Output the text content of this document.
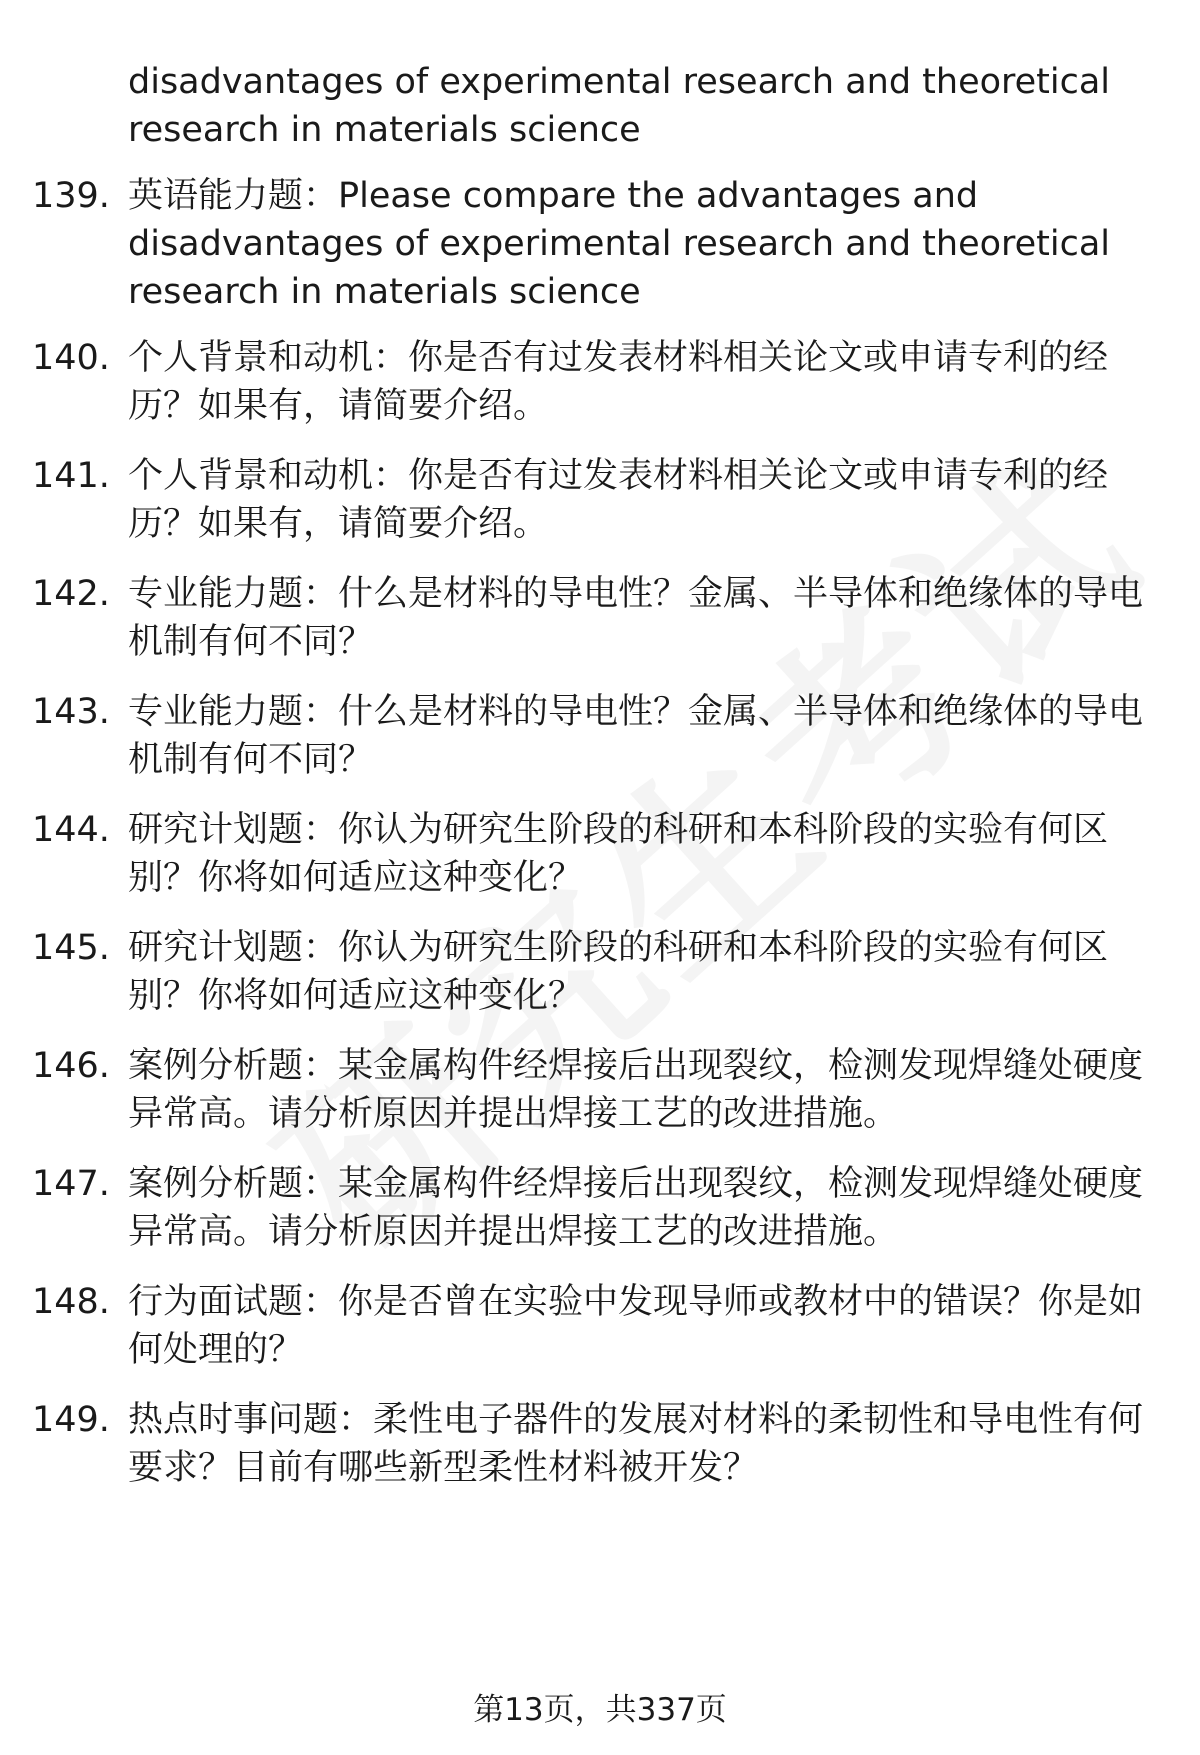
disadvantages of experimental research and theoretical research in materials science
139. 英语能力题：Please compare the advantages and disadvantages of experimental research and theoretical research in materials science
140. 个人背景和动机：你是否有过发表材料相关论文或申请专利的经历？如果有，请简要介绍。
141. 个人背景和动机：你是否有过发表材料相关论文或申请专利的经历？如果有，请简要介绍。
142. 专业能力题：什么是材料的导电性？金属、半导体和绝缘体的导电机制有何不同？
143. 专业能力题：什么是材料的导电性？金属、半导体和绝缘体的导电机制有何不同？
144. 研究计划题：你认为研究生阶段的科研和本科阶段的实验有何区别？你将如何适应这种变化？
145. 研究计划题：你认为研究生阶段的科研和本科阶段的实验有何区别？你将如何适应这种变化？
146. 案例分析题：某金属构件经焊接后出现裂纹，检测发现焊缝处硬度异常高。请分析原因并提出焊接工艺的改进措施。
147. 案例分析题：某金属构件经焊接后出现裂纹，检测发现焊缝处硬度异常高。请分析原因并提出焊接工艺的改进措施。
148. 行为面试题：你是否曾在实验中发现导师或教材中的错误？你是如何处理的？
149. 热点时事问题：柔性电子器件的发展对材料的柔韧性和导电性有何要求？目前有哪些新型柔性材料被开发？
第13页，共337页
